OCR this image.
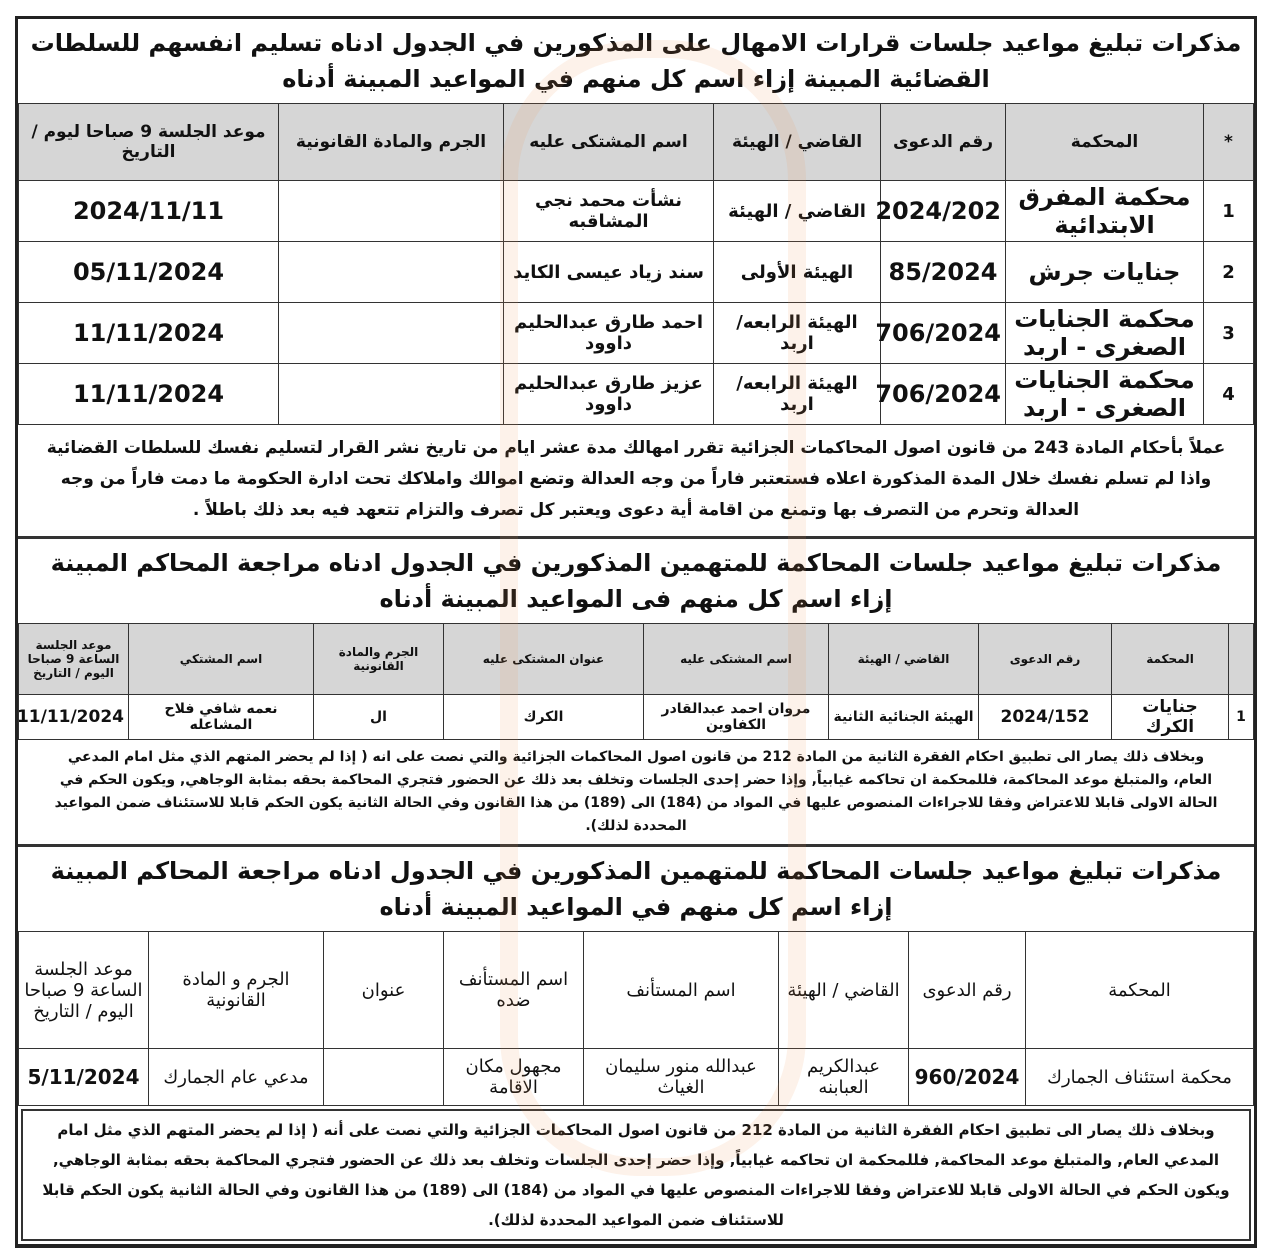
مذكرات تبليغ مواعيد جلسات قرارات الامهال على المذكورين في الجدول ادناه تسليم انفسهم للسلطات القضائية المبينة إزاء اسم كل منهم في المواعيد المبينة أدناه
*	المحكمة	رقم الدعوى	القاضي / الهيئة	اسم المشتكى عليه	الجرم والمادة القانونية	موعد الجلسة 9 صباحا ليوم / التاريخ
1	محكمة المفرق الابتدائية	2024/202	القاضي / الهيئة	نشأت محمد نجي المشاقبه		2024/11/11
2	جنايات جرش	85/2024	الهيئة الأولى	سند زياد عيسى الكايد		05/11/2024
3	محكمة الجنايات الصغرى - اربد	706/2024	الهيئة الرابعه/ اربد	احمد طارق عبدالحليم داوود		11/11/2024
4	محكمة الجنايات الصغرى - اربد	706/2024	الهيئة الرابعه/ اربد	عزيز طارق عبدالحليم داوود		11/11/2024
عملاً بأحكام المادة 243 من قانون اصول المحاكمات الجزائية تقرر امهالك مدة عشر ايام من تاريخ نشر القرار لتسليم نفسك للسلطات القضائية واذا لم تسلم نفسك خلال المدة المذكورة اعلاه فستعتبر فاراً من وجه العدالة وتضع اموالك واملاكك تحت ادارة الحكومة ما دمت فاراً من وجه العدالة وتحرم من التصرف بها وتمنع من اقامة أية دعوى ويعتبر كل تصرف والتزام تتعهد فيه بعد ذلك باطلاً .
مذكرات تبليغ مواعيد جلسات المحاكمة للمتهمين المذكورين في الجدول ادناه مراجعة المحاكم المبينة إزاء اسم كل منهم فى المواعيد المبينة أدناه
	المحكمة	رقم الدعوى	القاضي / الهيئة	اسم المشتكى عليه	عنوان المشتكى عليه	الجرم والمادة القانونية	اسم المشتكي	موعد الجلسة الساعة 9 صباحا اليوم / التاريخ
1	جنايات الكرك	2024/152	الهيئة الجنائية الثانية	مروان احمد عبدالقادر الكفاوين	الكرك	ال	نعمه شافي فلاح المشاعله	11/11/2024
وبخلاف ذلك يصار الى تطبيق احكام الفقرة الثانية من المادة 212 من قانون اصول المحاكمات الجزائية والتي نصت على انه ( إذا لم يحضر المتهم الذي مثل امام المدعي العام، والمتبلغ موعد المحاكمة، فللمحكمة ان تحاكمه غيابياً, وإذا حضر إحدى الجلسات وتخلف بعد ذلك عن الحضور فتجري المحاكمة بحقه بمثابة الوجاهي, ويكون الحكم في الحالة الاولى قابلا للاعتراض وفقا للاجراءات المنصوص عليها في المواد من (184) الى (189) من هذا القانون وفي الحالة الثانية يكون الحكم قابلا للاستئناف ضمن المواعيد المحددة لذلك).
مذكرات تبليغ مواعيد جلسات المحاكمة للمتهمين المذكورين في الجدول ادناه مراجعة المحاكم المبينة إزاء اسم كل منهم في المواعيد المبينة أدناه
المحكمة	رقم الدعوى	القاضي / الهيئة	اسم المستأنف	اسم المستأنف ضده	عنوان	الجرم و المادة القانونية	موعد الجلسة الساعة 9 صباحا اليوم / التاريخ
محكمة استئناف الجمارك	960/2024	عبدالكريم العبابنه	عبدالله منور سليمان الغياث	مجهول مكان الاقامة		مدعي عام الجمارك	5/11/2024
وبخلاف ذلك يصار الى تطبيق احكام الفقرة الثانية من المادة 212 من قانون اصول المحاكمات الجزائية والتي نصت على أنه ( إذا لم يحضر المتهم الذي مثل امام المدعي العام, والمتبلغ موعد المحاكمة, فللمحكمة ان تحاكمه غيابياً, وإذا حضر إحدى الجلسات وتخلف بعد ذلك عن الحضور فتجري المحاكمة بحقه بمثابة الوجاهي, ويكون الحكم في الحالة الاولى قابلا للاعتراض وفقا للاجراءات المنصوص عليها في المواد من (184) الى (189) من هذا القانون وفي الحالة الثانية يكون الحكم قابلا للاستئناف ضمن المواعيد المحددة لذلك).
